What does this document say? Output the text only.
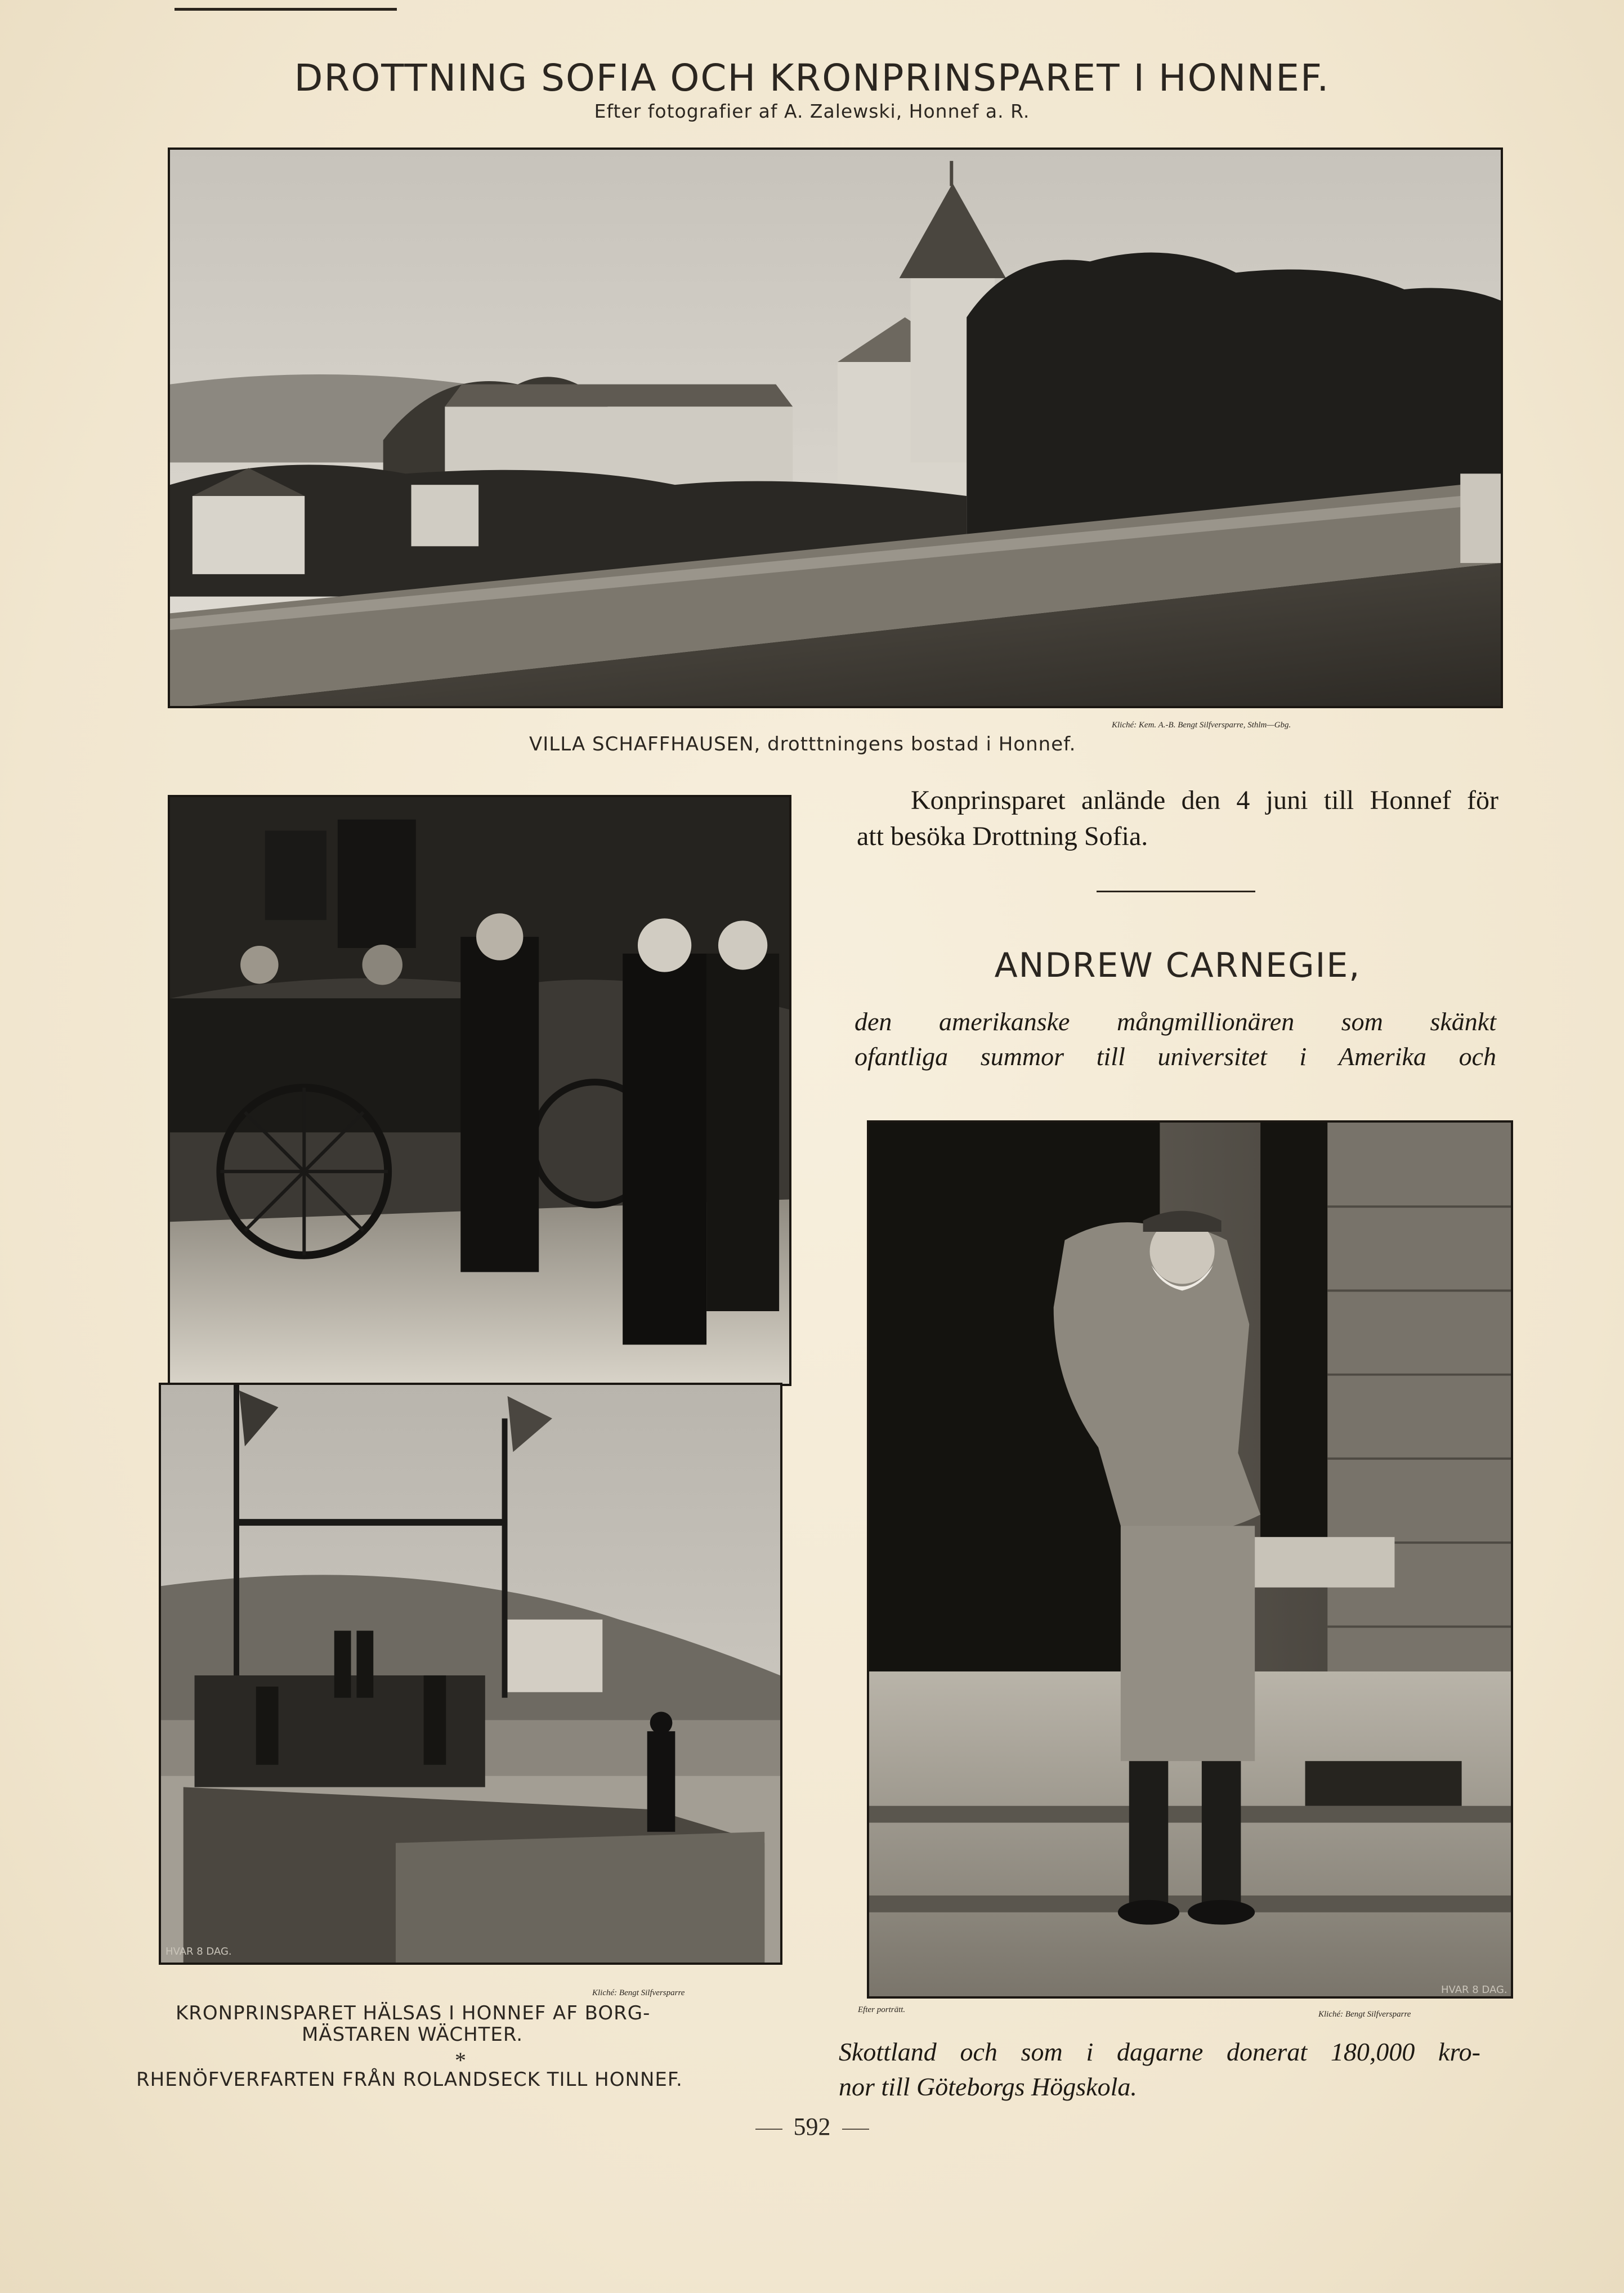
DROTTNING SOFIA OCH KRONPRINSPARET I HONNEF.
Efter fotografier af A. Zalewski, Honnef a. R.
Kliché: Kem. A.-B. Bengt Silfversparre, Sthlm—Gbg.
VILLA SCHAFFHAUSEN, drotttningens bostad i Honnef.
Konprinsparet anlände den 4 juni till Honnef för
att besöka Drottning Sofia.
ANDREW CARNEGIE,
den amerikanske mångmillionären som skänkt
ofantliga summor till universitet i Amerika och
Efter porträtt.	Kliché: Bengt Silfversparre
HVAR 8 DAG.
Kliché: Bengt Silfversparre
HVAR 8 DAG.
KRONPRINSPARET HÄLSAS I HONNEF AF BORG-
MÄSTAREN WÄCHTER.
*
RHENÖFVERFARTEN FRÅN ROLANDSECK TILL HONNEF.
Skottland och som i dagarne donerat 180,000 kro-
nor till Göteborgs Högskola.
592
